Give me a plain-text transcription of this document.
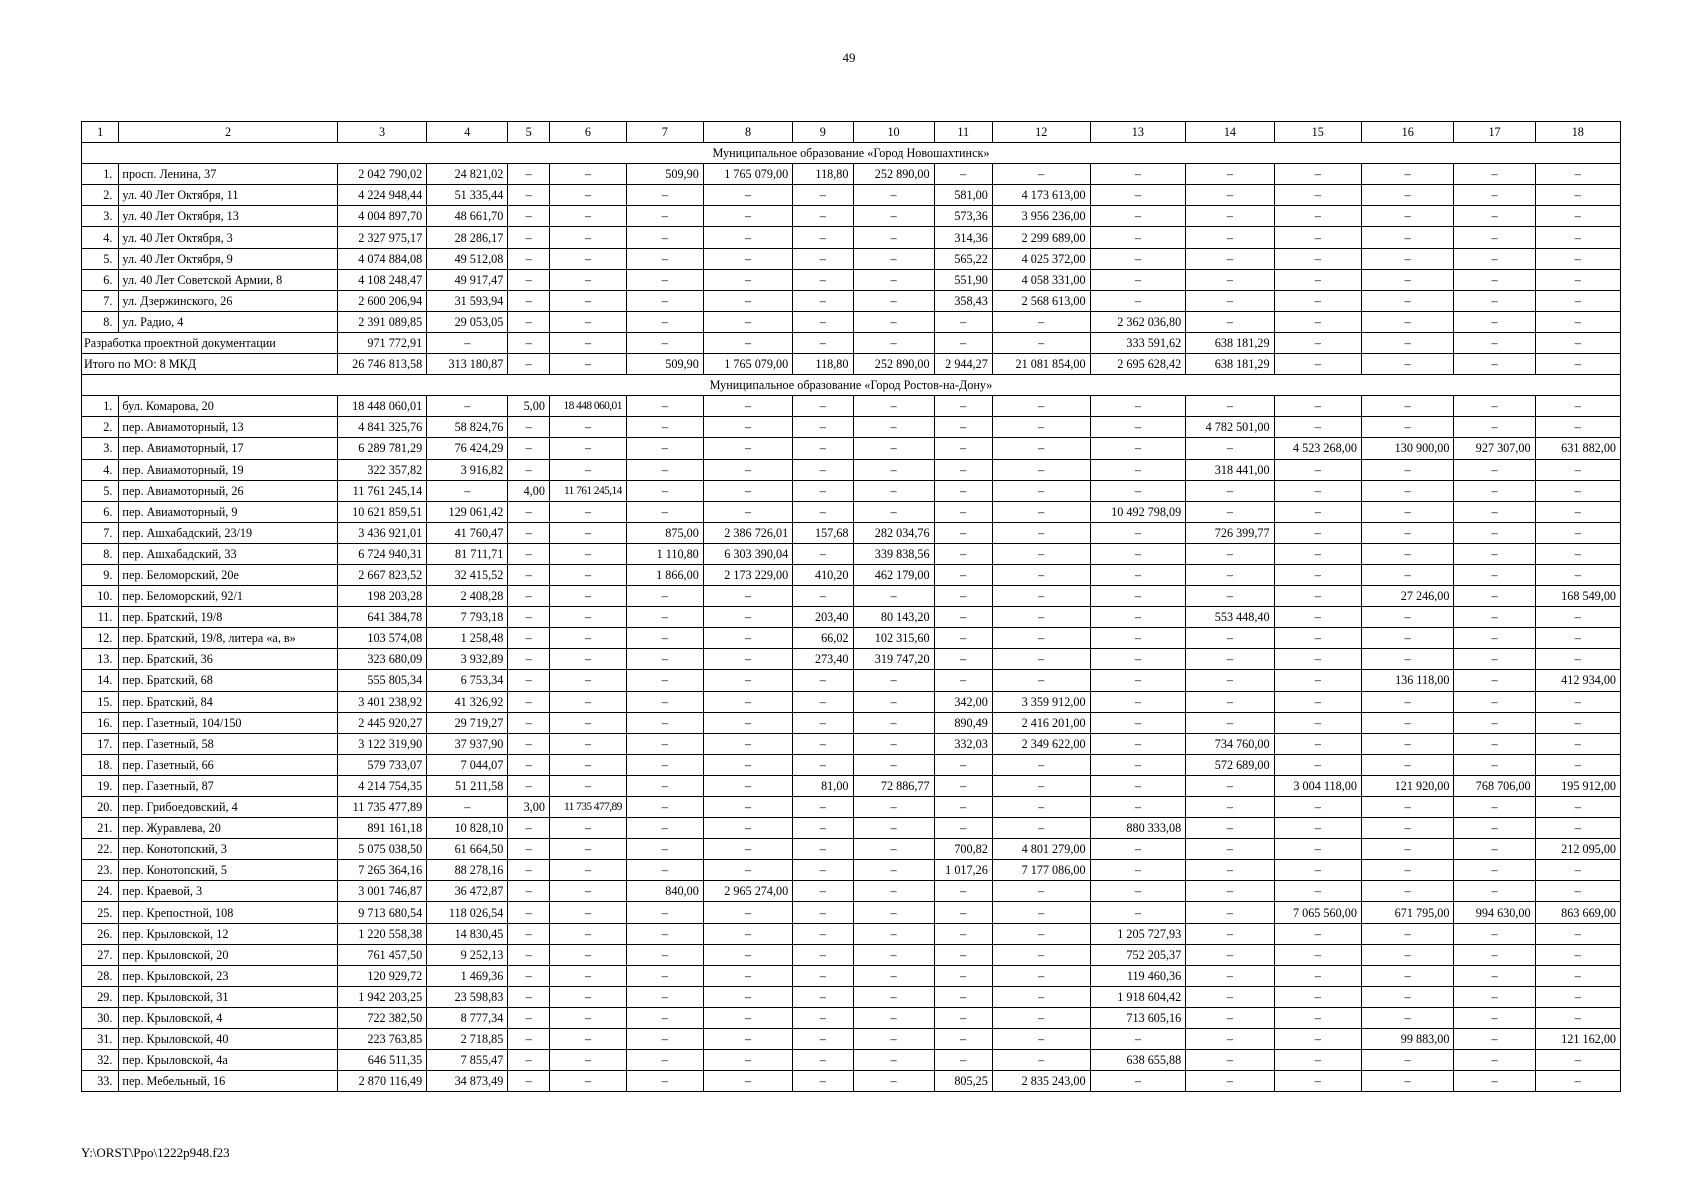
49
1	2	3	4	5	6	7	8	9	10	11	12	13	14	15	16	17	18
Муниципальное образование «Город Новошахтинск»																	
1.	просп. Ленина, 37	2 042 790,02	24 821,02	–	–	509,90	1 765 079,00	118,80	252 890,00	–	–	–	–	–	–	–	–
2.	ул. 40 Лет Октября, 11	4 224 948,44	51 335,44	–	–	–	–	–	–	581,00	4 173 613,00	–	–	–	–	–	–
3.	ул. 40 Лет Октября, 13	4 004 897,70	48 661,70	–	–	–	–	–	–	573,36	3 956 236,00	–	–	–	–	–	–
4.	ул. 40 Лет Октября, 3	2 327 975,17	28 286,17	–	–	–	–	–	–	314,36	2 299 689,00	–	–	–	–	–	–
5.	ул. 40 Лет Октября, 9	4 074 884,08	49 512,08	–	–	–	–	–	–	565,22	4 025 372,00	–	–	–	–	–	–
6.	ул. 40 Лет Советской Армии, 8	4 108 248,47	49 917,47	–	–	–	–	–	–	551,90	4 058 331,00	–	–	–	–	–	–
7.	ул. Дзержинского, 26	2 600 206,94	31 593,94	–	–	–	–	–	–	358,43	2 568 613,00	–	–	–	–	–	–
8.	ул. Радио, 4	2 391 089,85	29 053,05	–	–	–	–	–	–	–	–	2 362 036,80	–	–	–	–	–
Разработка проектной документации		971 772,91	–	–	–	–	–	–	–	–	–	333 591,62	638 181,29	–	–	–	–
Итого по МО: 8 МКД		26 746 813,58	313 180,87	–	–	509,90	1 765 079,00	118,80	252 890,00	2 944,27	21 081 854,00	2 695 628,42	638 181,29	–	–	–	–
Муниципальное образование «Город Ростов-на-Дону»																	
1.	бул. Комарова, 20	18 448 060,01	–	5,00	18 448 060,01	–	–	–	–	–	–	–	–	–	–	–	–
2.	пер. Авиамоторный, 13	4 841 325,76	58 824,76	–	–	–	–	–	–	–	–	–	4 782 501,00	–	–	–	–
3.	пер. Авиамоторный, 17	6 289 781,29	76 424,29	–	–	–	–	–	–	–	–	–	–	4 523 268,00	130 900,00	927 307,00	631 882,00
4.	пер. Авиамоторный, 19	322 357,82	3 916,82	–	–	–	–	–	–	–	–	–	318 441,00	–	–	–	–
5.	пер. Авиамоторный, 26	11 761 245,14	–	4,00	11 761 245,14	–	–	–	–	–	–	–	–	–	–	–	–
6.	пер. Авиамоторный, 9	10 621 859,51	129 061,42	–	–	–	–	–	–	–	–	10 492 798,09	–	–	–	–	–
7.	пер. Ашхабадский, 23/19	3 436 921,01	41 760,47	–	–	875,00	2 386 726,01	157,68	282 034,76	–	–	–	726 399,77	–	–	–	–
8.	пер. Ашхабадский, 33	6 724 940,31	81 711,71	–	–	1 110,80	6 303 390,04	–	339 838,56	–	–	–	–	–	–	–	–
9.	пер. Беломорский, 20е	2 667 823,52	32 415,52	–	–	1 866,00	2 173 229,00	410,20	462 179,00	–	–	–	–	–	–	–	–
10.	пер. Беломорский, 92/1	198 203,28	2 408,28	–	–	–	–	–	–	–	–	–	–	–	27 246,00	–	168 549,00
11.	пер. Братский, 19/8	641 384,78	7 793,18	–	–	–	–	203,40	80 143,20	–	–	–	553 448,40	–	–	–	–
12.	пер. Братский, 19/8, литера «а, в»	103 574,08	1 258,48	–	–	–	–	66,02	102 315,60	–	–	–	–	–	–	–	–
13.	пер. Братский, 36	323 680,09	3 932,89	–	–	–	–	273,40	319 747,20	–	–	–	–	–	–	–	–
14.	пер. Братский, 68	555 805,34	6 753,34	–	–	–	–	–	–	–	–	–	–	–	136 118,00	–	412 934,00
15.	пер. Братский, 84	3 401 238,92	41 326,92	–	–	–	–	–	–	342,00	3 359 912,00	–	–	–	–	–	–
16.	пер. Газетный, 104/150	2 445 920,27	29 719,27	–	–	–	–	–	–	890,49	2 416 201,00	–	–	–	–	–	–
17.	пер. Газетный, 58	3 122 319,90	37 937,90	–	–	–	–	–	–	332,03	2 349 622,00	–	734 760,00	–	–	–	–
18.	пер. Газетный, 66	579 733,07	7 044,07	–	–	–	–	–	–	–	–	–	572 689,00	–	–	–	–
19.	пер. Газетный, 87	4 214 754,35	51 211,58	–	–	–	–	81,00	72 886,77	–	–	–	–	3 004 118,00	121 920,00	768 706,00	195 912,00
20.	пер. Грибоедовский, 4	11 735 477,89	–	3,00	11 735 477,89	–	–	–	–	–	–	–	–	–	–	–	–
21.	пер. Журавлева, 20	891 161,18	10 828,10	–	–	–	–	–	–	–	–	880 333,08	–	–	–	–	–
22.	пер. Конотопский, 3	5 075 038,50	61 664,50	–	–	–	–	–	–	700,82	4 801 279,00	–	–	–	–	–	212 095,00
23.	пер. Конотопский, 5	7 265 364,16	88 278,16	–	–	–	–	–	–	1 017,26	7 177 086,00	–	–	–	–	–	–
24.	пер. Краевой, 3	3 001 746,87	36 472,87	–	–	840,00	2 965 274,00	–	–	–	–	–	–	–	–	–	–
25.	пер. Крепостной, 108	9 713 680,54	118 026,54	–	–	–	–	–	–	–	–	–	–	7 065 560,00	671 795,00	994 630,00	863 669,00
26.	пер. Крыловской, 12	1 220 558,38	14 830,45	–	–	–	–	–	–	–	–	1 205 727,93	–	–	–	–	–
27.	пер. Крыловской, 20	761 457,50	9 252,13	–	–	–	–	–	–	–	–	752 205,37	–	–	–	–	–
28.	пер. Крыловской, 23	120 929,72	1 469,36	–	–	–	–	–	–	–	–	119 460,36	–	–	–	–	–
29.	пер. Крыловской, 31	1 942 203,25	23 598,83	–	–	–	–	–	–	–	–	1 918 604,42	–	–	–	–	–
30.	пер. Крыловской, 4	722 382,50	8 777,34	–	–	–	–	–	–	–	–	713 605,16	–	–	–	–	–
31.	пер. Крыловской, 40	223 763,85	2 718,85	–	–	–	–	–	–	–	–	–	–	–	99 883,00	–	121 162,00
32.	пер. Крыловской, 4а	646 511,35	7 855,47	–	–	–	–	–	–	–	–	638 655,88	–	–	–	–	–
33.	пер. Мебельный, 16	2 870 116,49	34 873,49	–	–	–	–	–	–	805,25	2 835 243,00	–	–	–	–	–	–
Y:\ORST\Ppo\1222p948.f23
